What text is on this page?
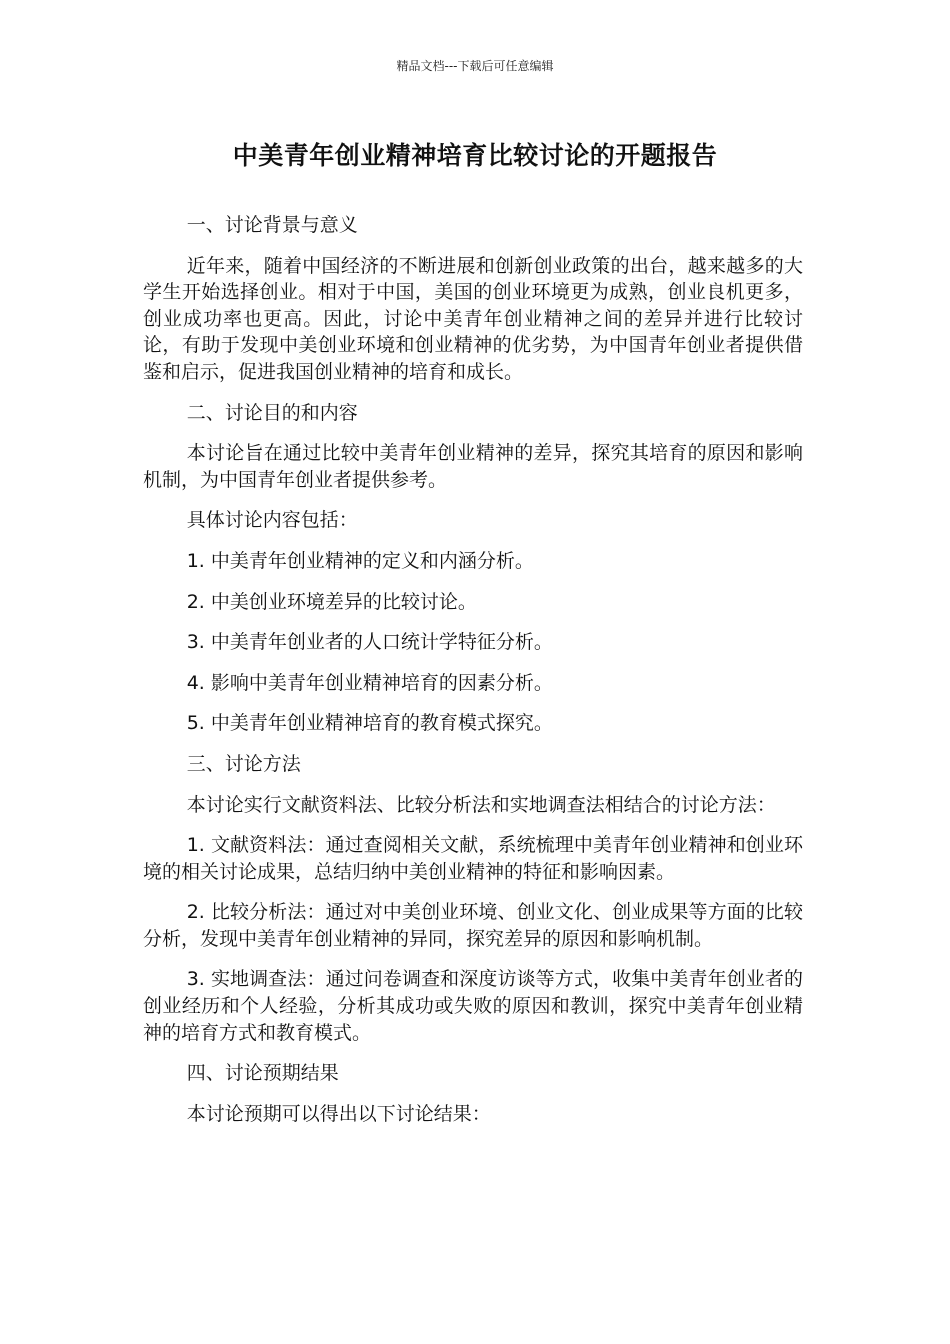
精品文档---下载后可任意编辑
中美青年创业精神培育比较讨论的开题报告

一、讨论背景与意义

近年来，随着中国经济的不断进展和创新创业政策的出台，越来越多的大学生开始选择创业。相对于中国，美国的创业环境更为成熟，创业良机更多，创业成功率也更高。因此，讨论中美青年创业精神之间的差异并进行比较讨论，有助于发现中美创业环境和创业精神的优劣势，为中国青年创业者提供借鉴和启示，促进我国创业精神的培育和成长。

二、讨论目的和内容

本讨论旨在通过比较中美青年创业精神的差异，探究其培育的原因和影响机制，为中国青年创业者提供参考。

具体讨论内容包括：

1. 中美青年创业精神的定义和内涵分析。

2. 中美创业环境差异的比较讨论。

3. 中美青年创业者的人口统计学特征分析。

4. 影响中美青年创业精神培育的因素分析。

5. 中美青年创业精神培育的教育模式探究。

三、讨论方法

本讨论实行文献资料法、比较分析法和实地调查法相结合的讨论方法：

1. 文献资料法：通过查阅相关文献，系统梳理中美青年创业精神和创业环境的相关讨论成果，总结归纳中美创业精神的特征和影响因素。

2. 比较分析法：通过对中美创业环境、创业文化、创业成果等方面的比较分析，发现中美青年创业精神的异同，探究差异的原因和影响机制。

3. 实地调查法：通过问卷调查和深度访谈等方式，收集中美青年创业者的创业经历和个人经验，分析其成功或失败的原因和教训，探究中美青年创业精神的培育方式和教育模式。

四、讨论预期结果

本讨论预期可以得出以下讨论结果：
